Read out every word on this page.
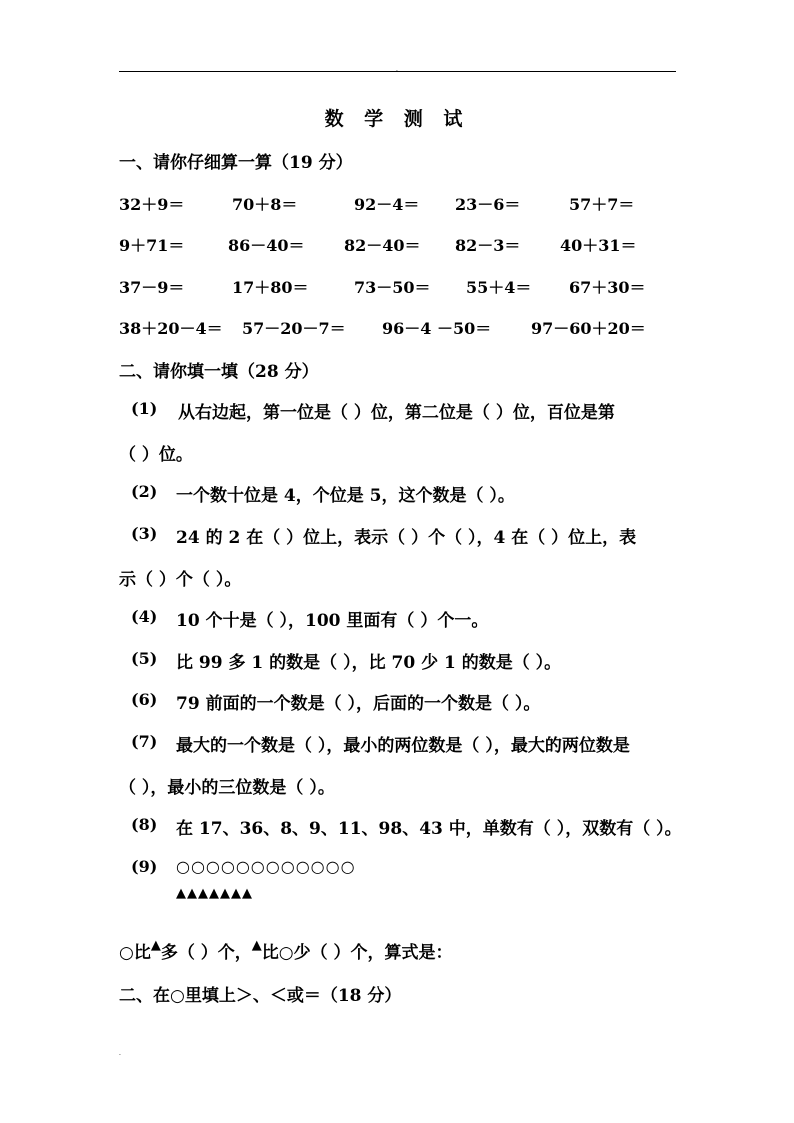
.
数 学 测 试
一、请你仔细算一算（19 分）
32＋9＝	70＋8＝	92－4＝ 23－6＝	57＋7＝
9＋71＝	86－40＝ 82－40＝ 82－3＝ 40＋31＝
37－9＝	17＋80＝	73－50＝ 55＋4＝ 67＋30＝
38＋20－4＝ 57－20－7＝ 96－4 －50＝ 97－60＋20＝
二、请你填一填（28 分）
(1) 从右边起，第一位是（ ）位，第二位是（ ）位，百位是第
（ ）位。
(2) 一个数十位是 4，个位是 5，这个数是（ ）。
(3) 24 的 2 在（ ）位上，表示（ ）个（ ），4 在（ ）位上，表
示（ ）个（ ）。
(4) 10 个十是（ ），100 里面有（ ）个一。
(5) 比 99 多 1 的数是（ ），比 70 少 1 的数是（ ）。
(6) 79 前面的一个数是（ ），后面的一个数是（ ）。
(7) 最大的一个数是（ ），最小的两位数是（ ），最大的两位数是
（ ），最小的三位数是（ ）。
(8) 在 17、36、8、9、11、98、43 中，单数有（ ），双数有（ ）。
(9) ○○○○○○○○○○○○
▲▲▲▲▲▲▲
○比▲多（ ）个，▲比○少（ ）个，算式是：
二、在○里填上＞、＜或＝（18 分）
.
